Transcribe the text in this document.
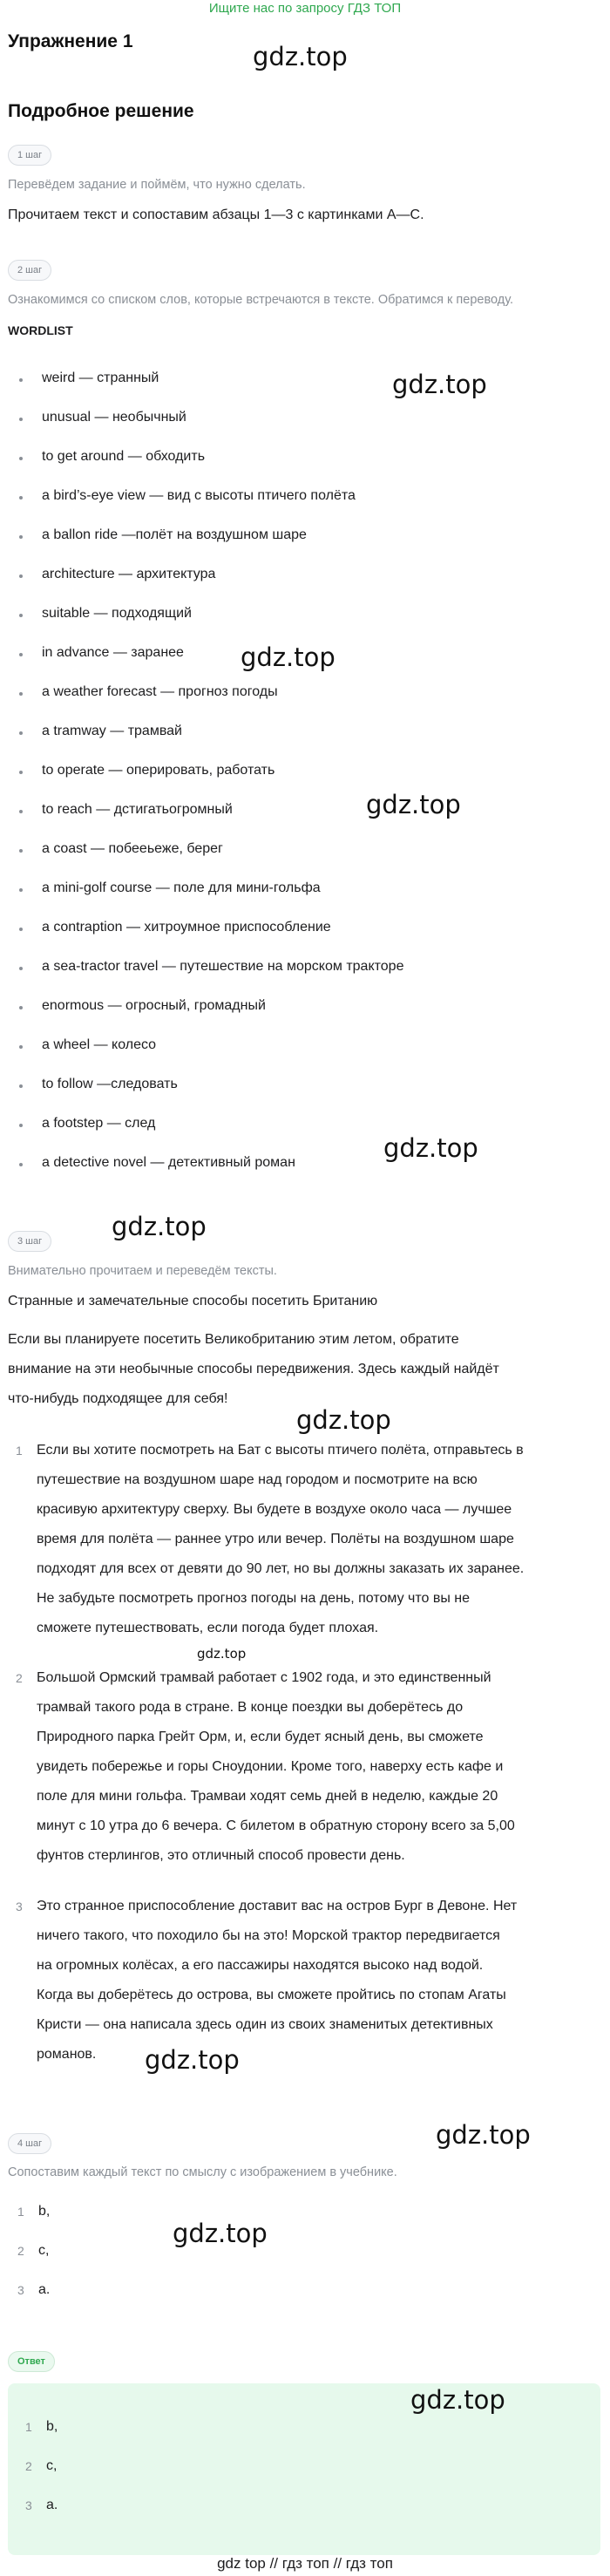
Ищите нас по запросу ГДЗ ТОП
Упражнение 1
gdz.top
Подробное решение
1 шаг
Перевёдем задание и поймём, что нужно сделать.
Прочитаем текст и сопоставим абзацы 1—3 с картинками A—C.
2 шаг
Ознакомимся со списком слов, которые встречаются в тексте. Обратимся к переводу.
WORDLIST
weird — странный
unusual — необычный
to get around — обходить
a bird’s-eye view — вид с высоты птичего полёта
a ballon ride —полёт на воздушном шаре
architecture — архитектура
suitable — подходящий
in advance — заранее
a weather forecast — прогноз погоды
a tramway — трамвай
to operate — оперировать, работать
to reach — дстигатьогромный
a coast — побееьеже, берег
a mini-golf course — поле для мини-гольфа
a contraption — хитроумное приспособление
a sea-tractor travel — путешествие на морском тракторе
enormous — огросный, громадный
a wheel — колесо
to follow —следовать
a footstep — след
a detective novel — детективный роман
gdz.top
gdz.top
gdz.top
gdz.top
3 шаг	gdz.top
Внимательно прочитаем и переведём тексты.
Странные и замечательные способы посетить Британию
Если вы планируете посетить Великобританию этим летом, обратите
внимание на эти необычные способы передвижения. Здесь каждый найдёт
что-нибудь подходящее для себя!
gdz.top
1	Если вы хотите посмотреть на Бат с высоты птичего полёта, отправьтесь в
путешествие на воздушном шаре над городом и посмотрите на всю
красивую архитектуру сверху. Вы будете в воздухе около часа — лучшее
время для полёта — раннее утро или вечер. Полёты на воздушном шаре
подходят для всех от девяти до 90 лет, но вы должны заказать их заранее.
Не забудьте посмотреть прогноз погоды на день, потому что вы не
сможете путешествовать, если погода будет плохая.
gdz.top
2	Большой Ормский трамвай работает с 1902 года, и это единственный
трамвай такого рода в стране. В конце поездки вы доберётесь до
Природного парка Грейт Орм, и, если будет ясный день, вы сможете
увидеть побережье и горы Сноудонии. Кроме того, наверху есть кафе и
поле для мини гольфа. Трамваи ходят семь дней в неделю, каждые 20
минут с 10 утра до 6 вечера. С билетом в обратную сторону всего за 5,00
фунтов стерлингов, это отличный способ провести день.
3	Это странное приспособление доставит вас на остров Бург в Девоне. Нет
ничего такого, что походило бы на это! Морской трактор передвигается
на огромных колёсах, а его пассажиры находятся высоко над водой.
Когда вы доберётесь до острова, вы сможете пройтись по стопам Агаты
Кристи — она написала здесь один из своих знаменитых детективных
романов.	gdz.top
4 шаг	gdz.top
Сопоставим каждый текст по смыслу с изображением в учебнике.
1 b,
2 c,
3 a.
gdz.top
Ответ
gdz.top
1 b,
2 c,
3 a.
gdz top // гдз топ // гдз топ
